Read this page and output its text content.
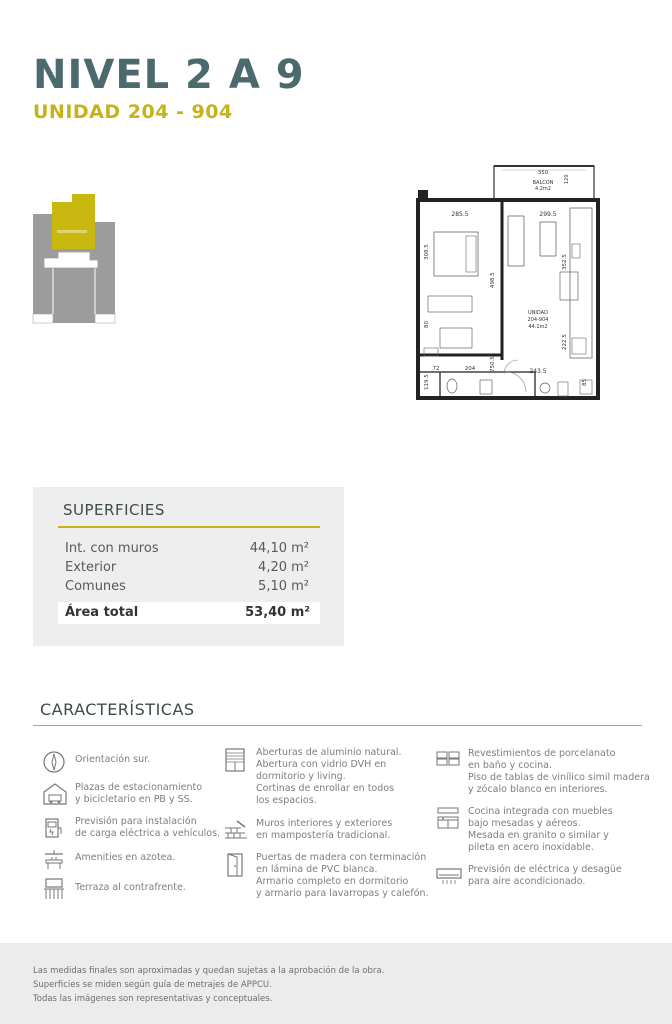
NIVEL 2 A 9
UNIDAD 204 - 904
350
BALCON
4.2m2
120
285.5	299.5
308.5
498.5
352.5
80
222.5
750.5
119.5
72	204	243.5
85
UNIDAD
204-904
44.1m2
SUPERFICIES
Int. con muros	44,10 m²
Exterior	4,20 m²
Comunes	5,10 m²
Área total	53,40 m²
CARACTERÍSTICAS
Orientación sur.
Plazas de estacionamiento
y bicicletario en PB y SS.
Previsión para instalación
de carga eléctrica a vehículos.
Amenities en azotea.
Terraza al contrafrente.
Aberturas de aluminio natural.
Abertura con vidrio DVH en
dormitorio y living.
Cortinas de enrollar en todos
los espacios.
Muros interiores y exteriores
en mampostería tradicional.
Puertas de madera con terminación
en lámina de PVC blanca.
Armario completo en dormitorio
y armario para lavarropas y calefón.
Revestimientos de porcelanato
en baño y cocina.
Piso de tablas de vinílico simil madera
y zócalo blanco en interiores.
Cocina integrada con muebles
bajo mesadas y aéreos.
Mesada en granito o similar y
pileta en acero inoxidable.
Previsión de eléctrica y desagüe
para aire acondicionado.
Las medidas finales son aproximadas y quedan sujetas a la aprobación de la obra.
Superficies se miden según guía de metrajes de APPCU.
Todas las imágenes son representativas y conceptuales.
